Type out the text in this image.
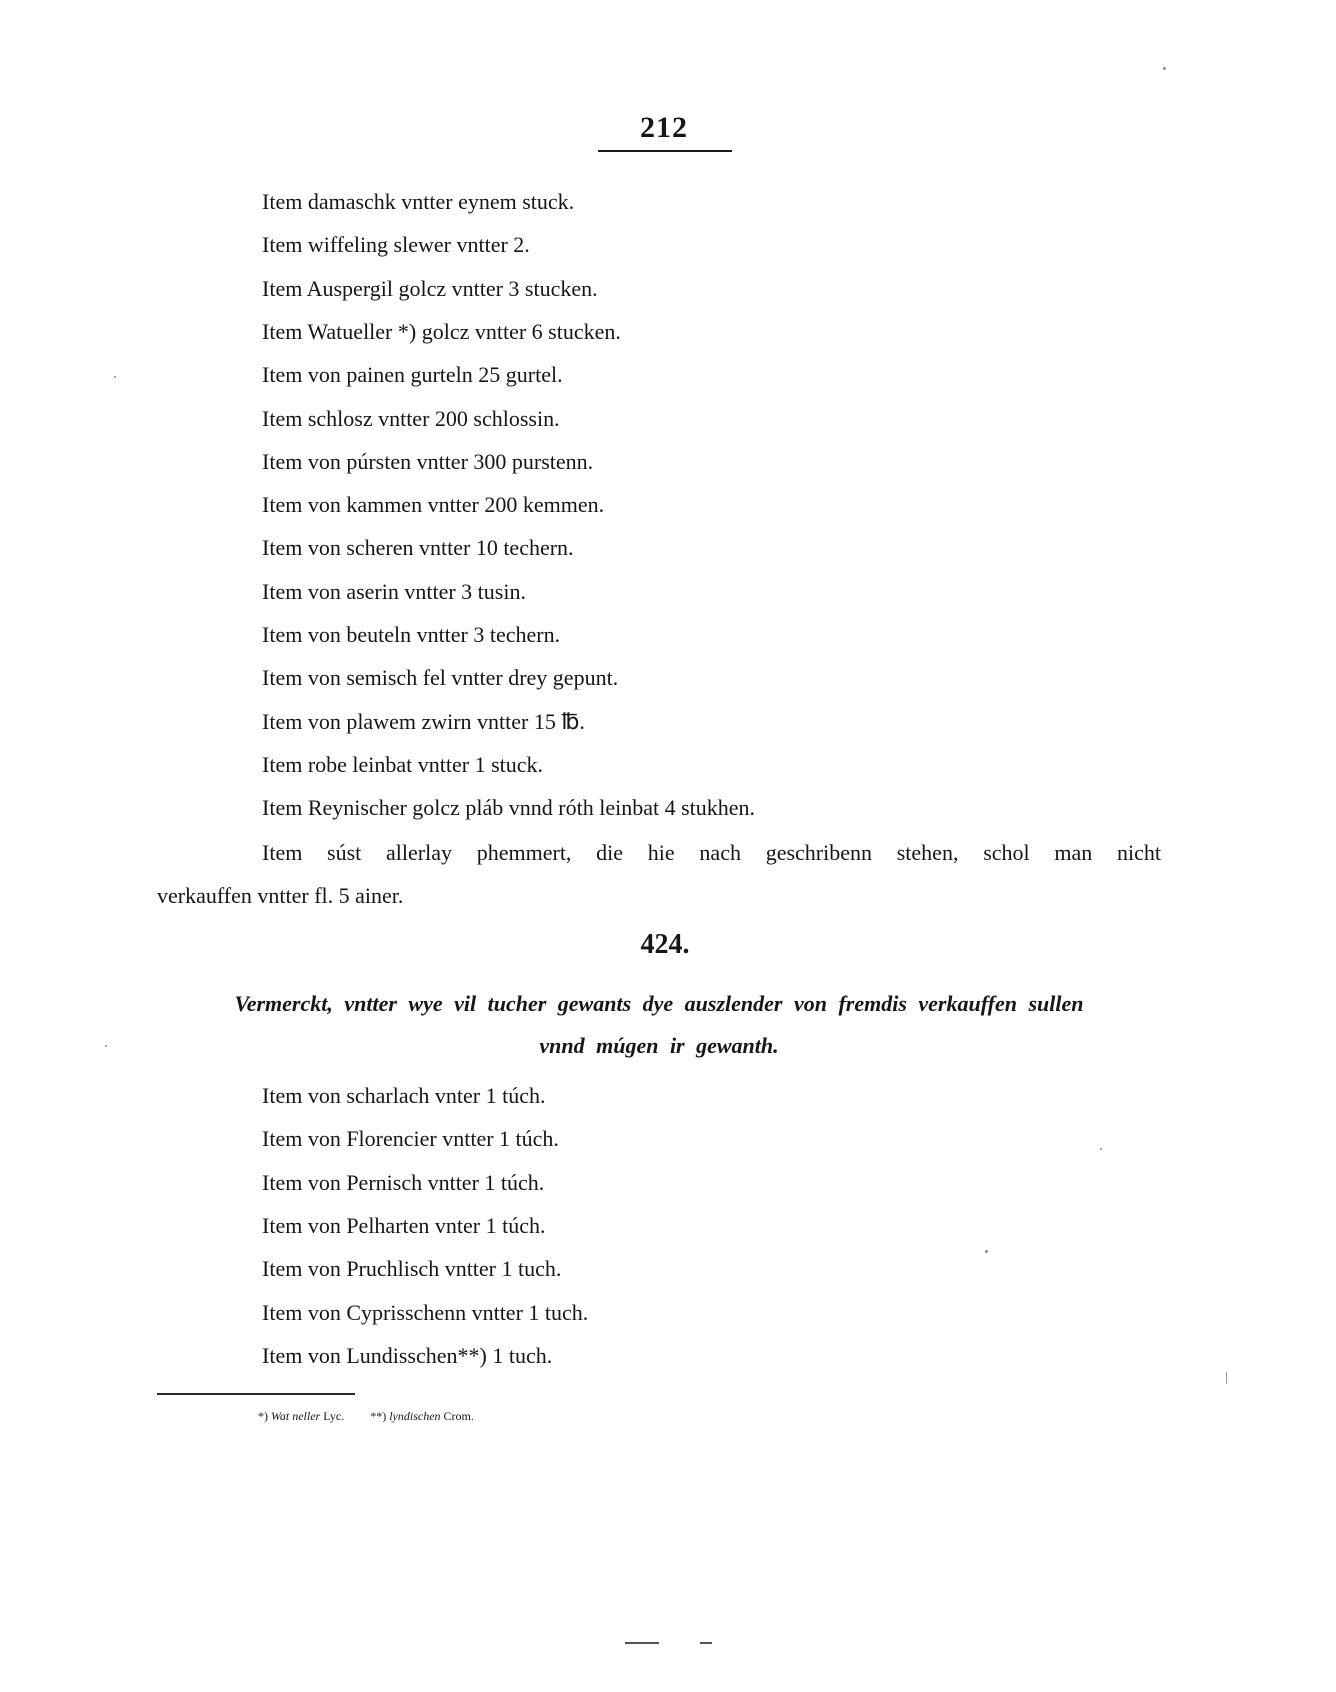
212
Item damaschk vntter eynem stuck.
Item wiffeling slewer vntter 2.
Item Auspergil golcz vntter 3 stucken.
Item Watueller *) golcz vntter 6 stucken.
Item von painen gurteln 25 gurtel.
Item schlosz vntter 200 schlossin.
Item von púrsten vntter 300 purstenn.
Item von kammen vntter 200 kemmen.
Item von scheren vntter 10 techern.
Item von aserin vntter 3 tusin.
Item von beuteln vntter 3 techern.
Item von semisch fel vntter drey gepunt.
Item von plawem zwirn vntter 15 ℔.
Item robe leinbat vntter 1 stuck.
Item Reynischer golcz pláb vnnd róth leinbat 4 stukhen.
Item súst allerlay phemmert, die hie nach geschribenn stehen, schol man nicht
verkauffen vntter fl. 5 ainer.
424.
Vermerckt, vntter wye vil tucher gewants dye auszlender von fremdis verkauffen sullen
vnnd múgen ir gewanth.
Item von scharlach vnter 1 túch.
Item von Florencier vntter 1 túch.
Item von Pernisch vntter 1 túch.
Item von Pelharten vnter 1 túch.
Item von Pruchlisch vntter 1 tuch.
Item von Cyprisschenn vntter 1 tuch.
Item von Lundisschen**) 1 tuch.
*) Wat neller Lyc. **) lyndischen Crom.
